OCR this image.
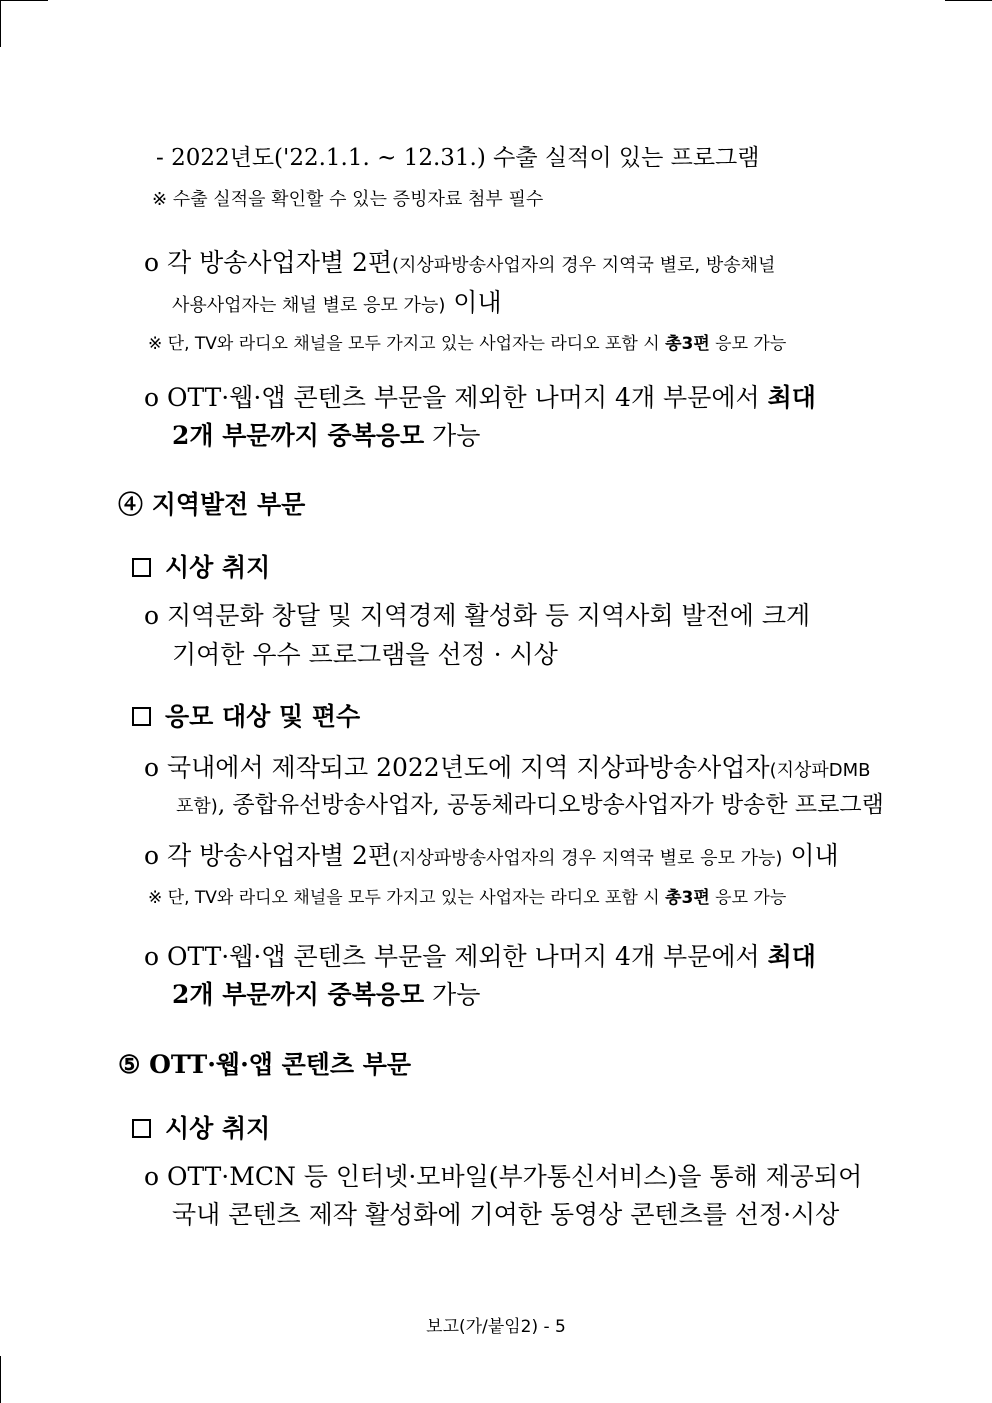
- 2022년도('22.1.1. ~ 12.31.) 수출 실적이 있는 프로그램
※ 수출 실적을 확인할 수 있는 증빙자료 첨부 필수
o 각 방송사업자별 2편(지상파방송사업자의 경우 지역국 별로, 방송채널
사용사업자는 채널 별로 응모 가능) 이내
※ 단, TV와 라디오 채널을 모두 가지고 있는 사업자는 라디오 포함 시 총3편 응모 가능
o OTT·웹·앱 콘텐츠 부문을 제외한 나머지 4개 부문에서 최대
2개 부문까지 중복응모 가능
④ 지역발전 부문
시상 취지
o 지역문화 창달 및 지역경제 활성화 등 지역사회 발전에 크게
기여한 우수 프로그램을 선정 · 시상
응모 대상 및 편수
o 국내에서 제작되고 2022년도에 지역 지상파방송사업자(지상파DMB
포함), 종합유선방송사업자, 공동체라디오방송사업자가 방송한 프로그램
o 각 방송사업자별 2편(지상파방송사업자의 경우 지역국 별로 응모 가능) 이내
※ 단, TV와 라디오 채널을 모두 가지고 있는 사업자는 라디오 포함 시 총3편 응모 가능
o OTT·웹·앱 콘텐츠 부문을 제외한 나머지 4개 부문에서 최대
2개 부문까지 중복응모 가능
⑤ OTT·웹·앱 콘텐츠 부문
시상 취지
o OTT·MCN 등 인터넷·모바일(부가통신서비스)을 통해 제공되어
국내 콘텐츠 제작 활성화에 기여한 동영상 콘텐츠를 선정·시상
보고(가/붙임2) - 5
